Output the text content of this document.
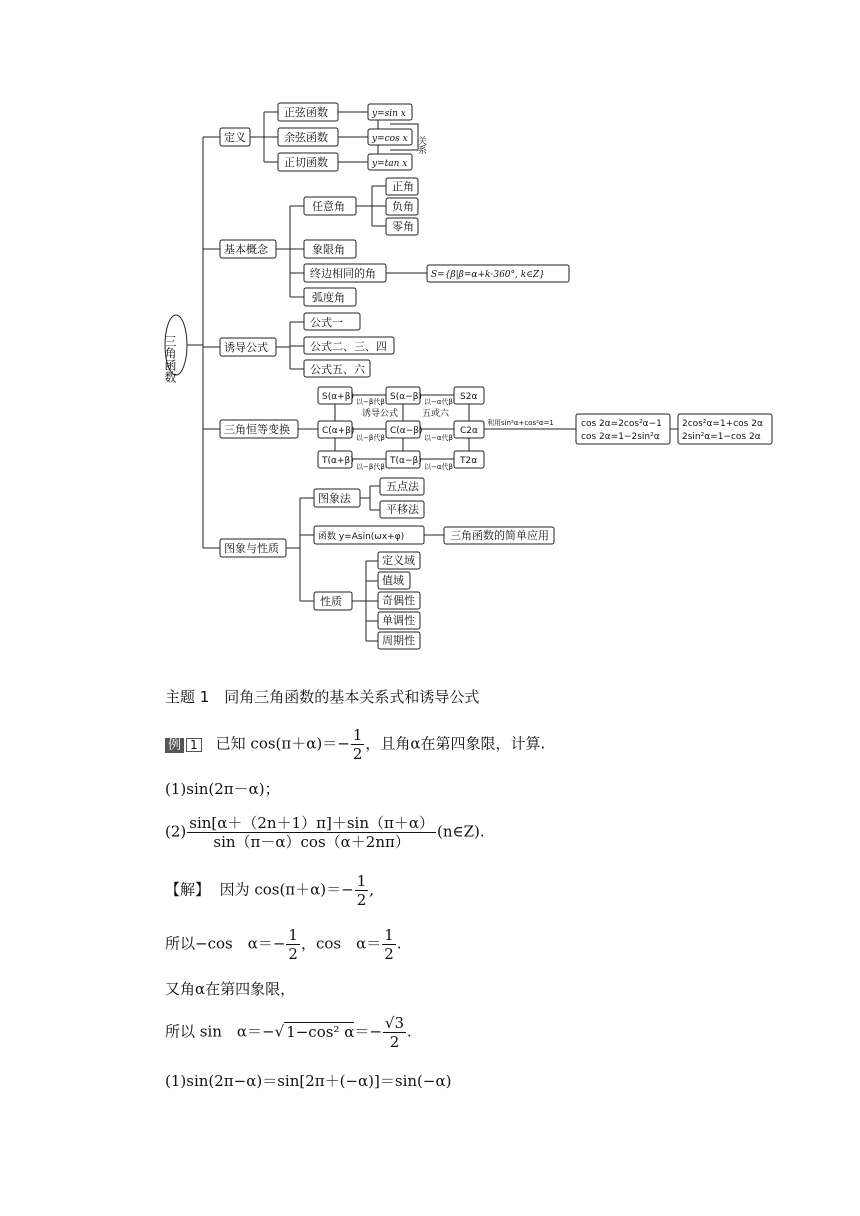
三角函数
定义
基本概念
诱导公式
三角恒等变换
图象与性质
正弦函数
余弦函数
正切函数
y=sin x
y=cos x
y=tan x
关系
任意角
象限角
终边相同的角
弧度角
正角
负角
零角
S={β|β=α+k·360°, k∈Z}
公式一
公式二、三、四
公式五、六
S(α+β)	S(α−β)	S2α
C(α+β)	C(α−β)	C2α
T(α+β)	T(α−β)	T2α
以−β代β	以−α代β
以−β代β	以−α代β
以−β代β	以−α代β
诱导公式	五或六
利用sin²α+cos²α=1	cos 2α=2cos²α−1
cos 2α=1−2sin²α
2cos²α=1+cos 2α
2sin²α=1−cos 2α
图象法
函数 y=Asin(ωx+φ)
性质
五点法
平移法
三角函数的简单应用
定义域
值域
奇偶性
单调性
周期性
主题 1　同角三角函数的基本关系式和诱导公式
例 1 已知 $\cos(\pi+\alpha)=- \frac{1}{2}$ ，且角α在第四象限，计算.
(1)sin(2π－α)；
$(2) \frac{\sin[\alpha+(2n+1)\pi]+\sin(\pi+\alpha)}{\sin(\pi-\alpha)\cos(\alpha+2n\pi)}$ (n∈Z).
【解】 因为 $\cos(\pi+\alpha)=- \frac{1}{2}$ ,
所以−cos　$\alpha=- \frac{1}{2}$ ，cos　$\alpha= \frac{1}{2}$ .
又角α在第四象限，
所以 sin　α＝−√ 1−cos² $\alpha=- \frac{√3}{2}$ .
(1)sin(2π−α)＝sin[2π＋(−α)]＝sin(−α)
